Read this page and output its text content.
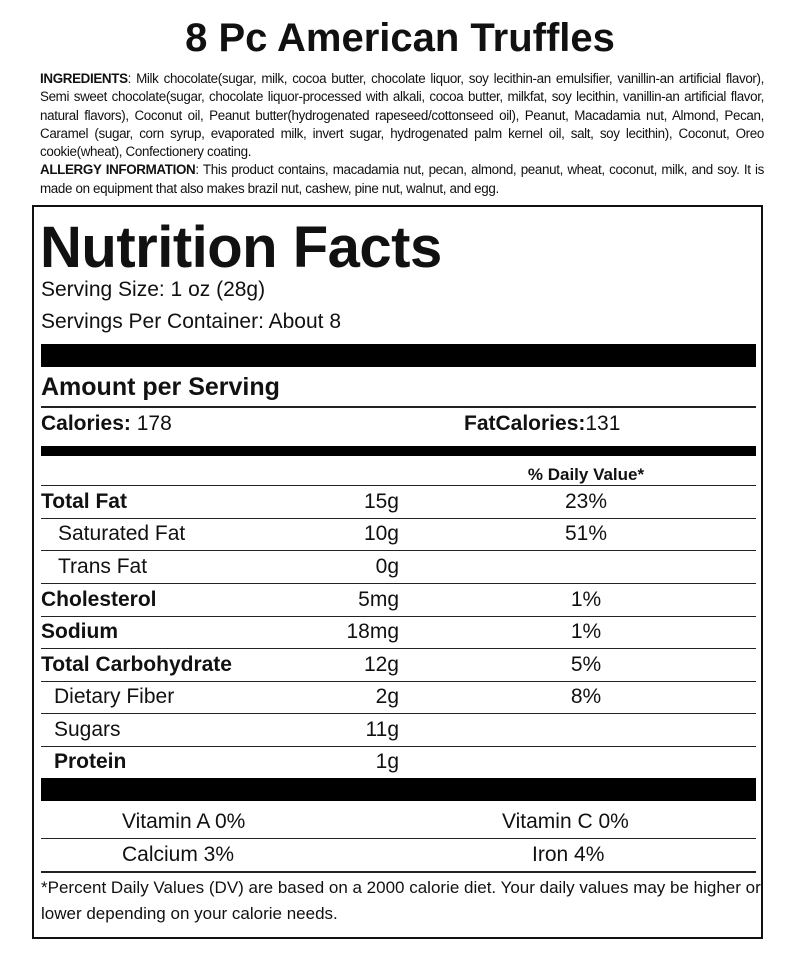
8 Pc American Truffles
INGREDIENTS: Milk chocolate(sugar, milk, cocoa butter, chocolate liquor, soy lecithin-an emulsifier, vanillin-an artificial flavor), Semi sweet chocolate(sugar, chocolate liquor-processed with alkali, cocoa butter, milkfat, soy lecithin, vanillin-an artificial flavor, natural flavors), Coconut oil, Peanut butter(hydrogenated rapeseed/cottonseed oil), Peanut, Macadamia nut, Almond, Pecan, Caramel (sugar, corn syrup, evaporated milk, invert sugar, hydrogenated palm kernel oil, salt, soy lecithin), Coconut, Oreo cookie(wheat), Confectionery coating.
ALLERGY INFORMATION: This product contains, macadamia nut, pecan, almond, peanut, wheat, coconut, milk, and soy. It is made on equipment that also makes brazil nut, cashew, pine nut, walnut, and egg.
Nutrition Facts
Serving Size: 1 oz (28g)
Servings Per Container: About 8
Amount per Serving
Calories: 178	FatCalories:131
% Daily Value*
Total Fat	15g	23%
Saturated Fat	10g	51%
Trans Fat	0g
Cholesterol	5mg	1%
Sodium	18mg	1%
Total Carbohydrate	12g	5%
Dietary Fiber	2g	8%
Sugars	11g
Protein	1g
Vitamin A 0%	Vitamin C 0%
Calcium 3%	Iron 4%
*Percent Daily Values (DV) are based on a 2000 calorie diet. Your daily values may be higher or lower depending on your calorie needs.
